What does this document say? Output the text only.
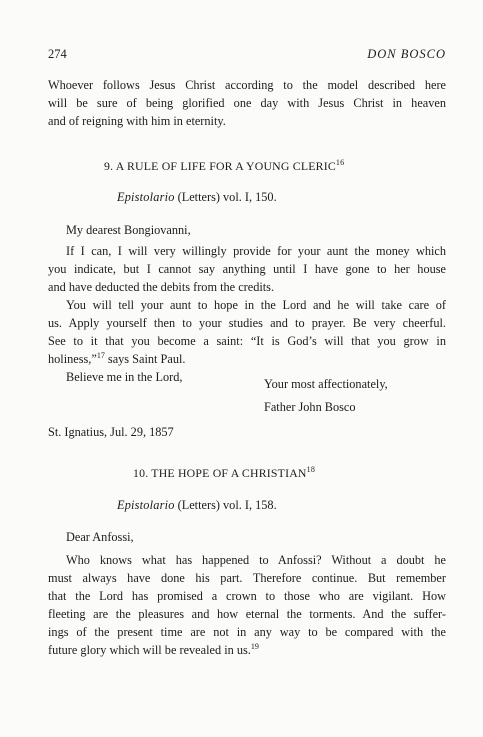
274	DON BOSCO
Whoever follows Jesus Christ according to the model described here
will be sure of being glorified one day with Jesus Christ in heaven
and of reigning with him in eternity.
9. A RULE OF LIFE FOR A YOUNG CLERIC$^{16}$
Epistolario (Letters) vol. I, 150.
My dearest Bongiovanni,
If I can, I will very willingly provide for your aunt the money which
you indicate, but I cannot say anything until I have gone to her house
and have deducted the debits from the credits.
You will tell your aunt to hope in the Lord and he will take care of
us. Apply yourself then to your studies and to prayer. Be very cheerful.
See to it that you become a saint: “It is God’s will that you grow in
holiness,”$^{17}$ says Saint Paul.
Believe me in the Lord,	Your most affectionately,
Father John Bosco
St. Ignatius, Jul. 29, 1857
10. THE HOPE OF A CHRISTIAN$^{18}$
Epistolario (Letters) vol. I, 158.
Dear Anfossi,
Who knows what has happened to Anfossi? Without a doubt he
must always have done his part. Therefore continue. But remember
that the Lord has promised a crown to those who are vigilant. How
fleeting are the pleasures and how eternal the torments. And the suffer-
ings of the present time are not in any way to be compared with the
future glory which will be revealed in us.$^{19}$
